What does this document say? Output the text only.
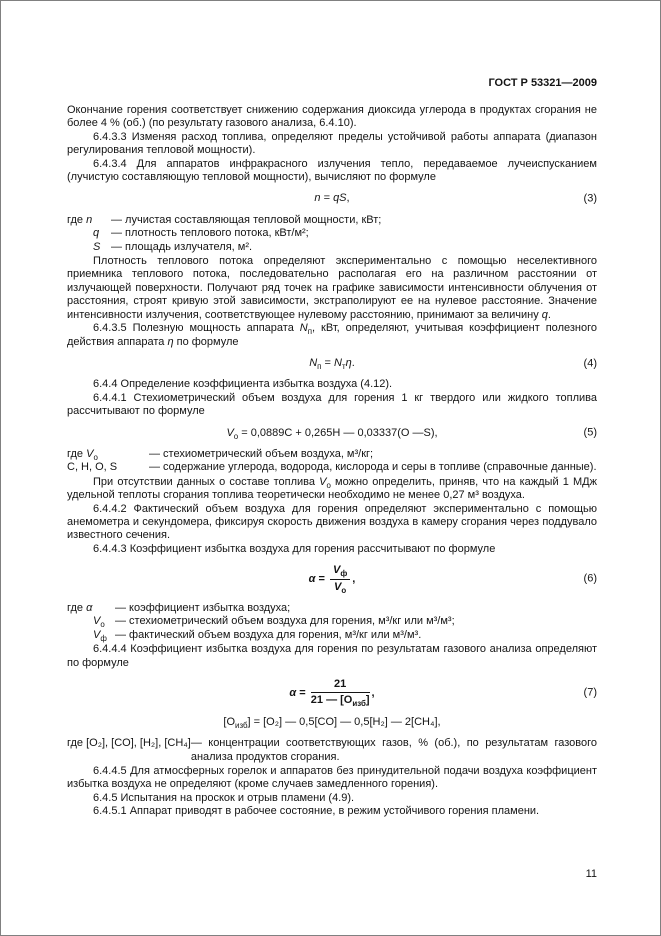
ГОСТ Р 53321—2009

Окончание горения соответствует снижению содержания диоксида углерода в продуктах сгорания не более 4 % (об.) (по результату газового анализа, 6.4.10).

6.4.3.3 Изменяя расход топлива, определяют пределы устойчивой работы аппарата (диапазон регулирования тепловой мощности).

6.4.3.4 Для аппаратов инфракрасного излучения тепло, передаваемое лучеиспусканием (лучистую составляющую тепловой мощности), вычисляют по формуле

n = qS,	(3)
где n	— лучистая составляющая тепловой мощности, кВт;
q	— плотность теплового потока, кВт/м²;
S — площадь излучателя, м².

Плотность теплового потока определяют экспериментально с помощью неселективного приемника теплового потока, последовательно располагая его на различном расстоянии от излучающей поверхности. Получают ряд точек на графике зависимости интенсивности облучения от расстояния, строят кривую этой зависимости, экстраполируют ее на нулевое расстояние. Значение интенсивности излучения, соответствующее нулевому расстоянию, принимают за величину q.

6.4.3.5 Полезную мощность аппарата $N_п$, кВт, определяют, учитывая коэффициент полезного действия аппарата η по формуле

$N_п = N_т\eta$.	(4)

6.4.4 Определение коэффициента избытка воздуха (4.12).

6.4.4.1 Стехиометрический объем воздуха для горения 1 кг твердого или жидкого топлива рассчитывают по формуле

$V_о = 0,0889С + 0,265Н$ — 0,03337(О —S),	(5)
где $V_о$	— стехиометрический объем воздуха, м³/кг;
С, Н, О, S	— содержание углерода, водорода, кислорода и серы в топливе (справочные данные).

При отсутствии данных о составе топлива $V_о$ можно определить, приняв, что на каждый 1 МДж удельной теплоты сгорания топлива теоретически необходимо не менее 0,27 м³ воздуха.

6.4.4.2 Фактический объем воздуха для горения определяют экспериментально с помощью анемометра и секундомера, фиксируя скорость движения воздуха в камеру сгорания через поддувало известного сечения.

6.4.4.3 Коэффициент избытка воздуха для горения рассчитывают по формуле

$\alpha = \frac{V_ф}{V_о}$ ,	(6)
где α	— коэффициент избытка воздуха;
$V_о$ — стехиометрический объем воздуха для горения, м³/кг или м³/м³;
$V_ф$ — фактический объем воздуха для горения, м³/кг или м³/м³.

6.4.4.4 Коэффициент избытка воздуха для горения по результатам газового анализа определяют по формуле

$\alpha = \frac{21}{21 — [О_{изб}]}$ ,	(7)
$[О_{изб}] = [O_2]$ — 0,5[CO] — 0,5[H₂] — 2[CH₄],
где [O₂], [CO], [H₂], [CH₄] — концентрации соответствующих газов, % (об.), по результатам газового анализа продуктов сгорания.

6.4.4.5 Для атмосферных горелок и аппаратов без принудительной подачи воздуха коэффициент избытка воздуха не определяют (кроме случаев замедленного горения).

6.4.5 Испытания на проскок и отрыв пламени (4.9).

6.4.5.1 Аппарат приводят в рабочее состояние, в режим устойчивого горения пламени.

11
